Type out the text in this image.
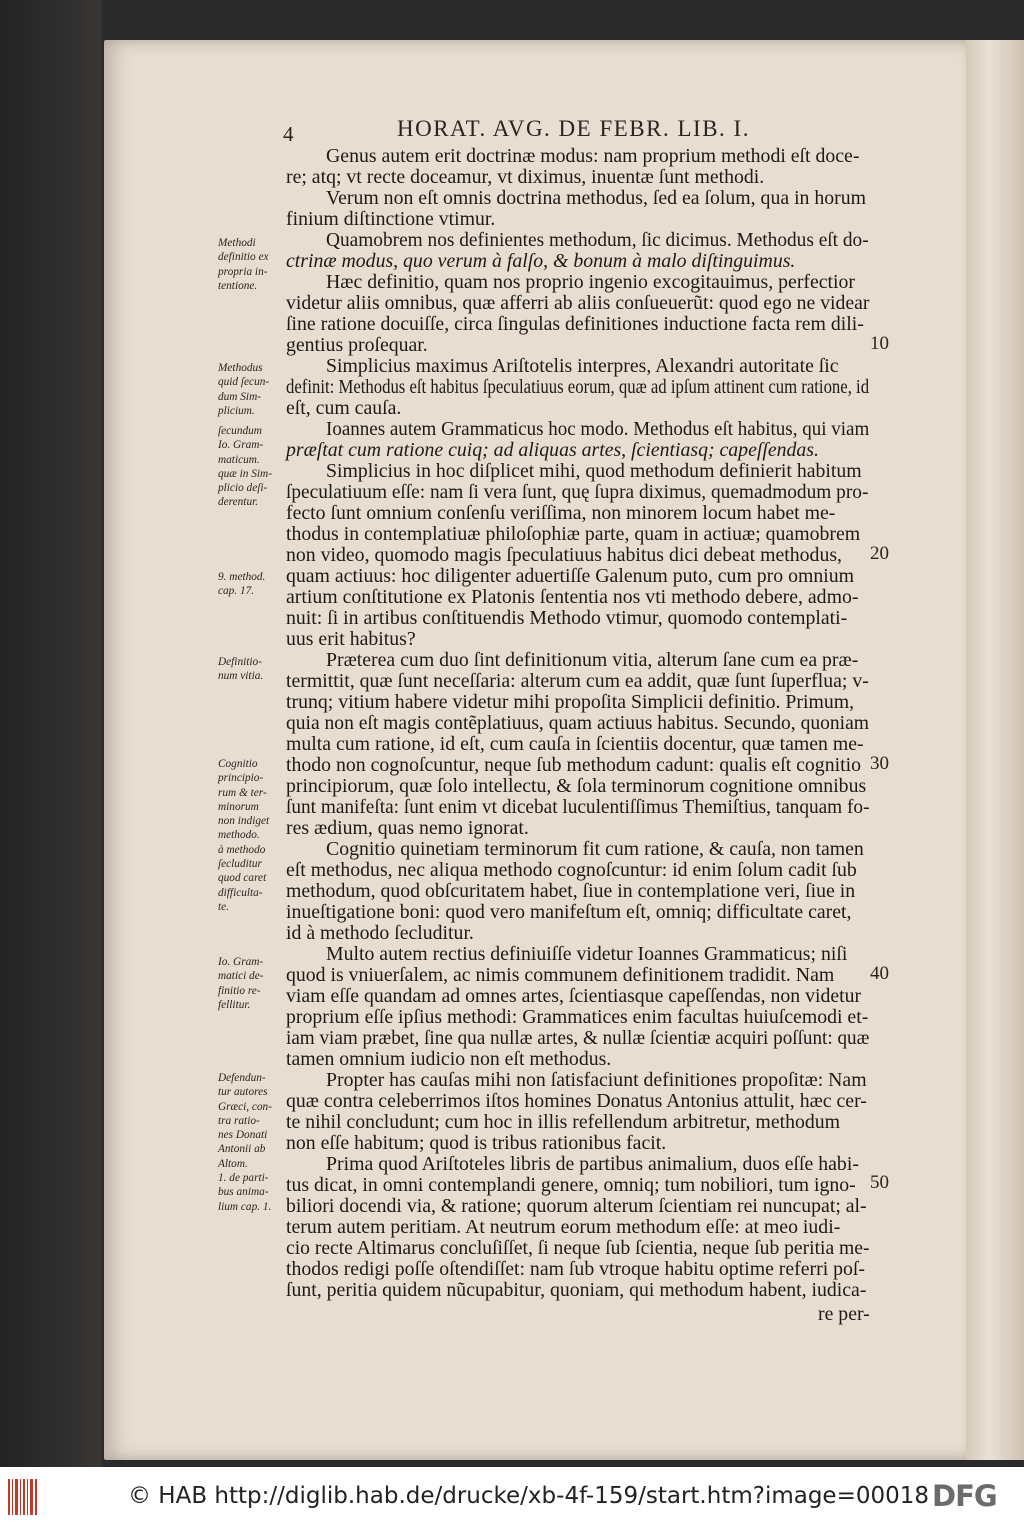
4	HORAT. AVG. DE FEBR. LIB. I.
Genus autem erit doctrinæ modus: nam proprium methodi eſt doce-
re; atq; vt recte doceamur, vt diximus, inuentæ ſunt methodi.
Verum non eſt omnis doctrina methodus, ſed ea ſolum, qua in horum
finium diſtinctione vtimur.
Quamobrem nos definientes methodum, ſic dicimus. Methodus eſt do-
ctrinæ modus, quo verum à falſo, & bonum à malo diſtinguimus.
Hæc definitio, quam nos proprio ingenio excogitauimus, perfectior
videtur aliis omnibus, quæ afferri ab aliis conſueuerũt: quod ego ne videar
ſine ratione docuiſſe, circa ſingulas definitiones inductione facta rem dili-
gentius proſequar.
Simplicius maximus Ariſtotelis interpres, Alexandri autoritate ſic
definit: Methodus eſt habitus ſpeculatiuus eorum, quæ ad ipſum attinent cum ratione, id
eſt, cum cauſa.
Ioannes autem Grammaticus hoc modo. Methodus eſt habitus, qui viam
præſtat cum ratione cuiq; ad aliquas artes, ſcientiasq; capeſſendas.
Simplicius in hoc diſplicet mihi, quod methodum definierit habitum
ſpeculatiuum eſſe: nam ſi vera ſunt, quę ſupra diximus, quemadmodum pro-
fecto ſunt omnium conſenſu veriſſima, non minorem locum habet me-
thodus in contemplatiuæ philoſophiæ parte, quam in actiuæ; quamobrem
non video, quomodo magis ſpeculatiuus habitus dici debeat methodus,
quam actiuus: hoc diligenter aduertiſſe Galenum puto, cum pro omnium
artium conſtitutione ex Platonis ſententia nos vti methodo debere, admo-
nuit: ſi in artibus conſtituendis Methodo vtimur, quomodo contemplati-
uus erit habitus?
Præterea cum duo ſint definitionum vitia, alterum ſane cum ea præ-
termittit, quæ ſunt neceſſaria: alterum cum ea addit, quæ ſunt ſuperflua; v-
trunq; vitium habere videtur mihi propoſita Simplicii definitio. Primum,
quia non eſt magis contẽplatiuus, quam actiuus habitus. Secundo, quoniam
multa cum ratione, id eſt, cum cauſa in ſcientiis docentur, quæ tamen me-
thodo non cognoſcuntur, neque ſub methodum cadunt: qualis eſt cognitio
principiorum, quæ ſolo intellectu, & ſola terminorum cognitione omnibus
ſunt manifeſta: ſunt enim vt dicebat luculentiſſimus Themiſtius, tanquam fo-
res ædium, quas nemo ignorat.
Cognitio quinetiam terminorum fit cum ratione, & cauſa, non tamen
eſt methodus, nec aliqua methodo cognoſcuntur: id enim ſolum cadit ſub
methodum, quod obſcuritatem habet, ſiue in contemplatione veri, ſiue in
inueſtigatione boni: quod vero manifeſtum eſt, omniq; difficultate caret,
id à methodo ſecluditur.
Multo autem rectius definiuiſſe videtur Ioannes Grammaticus; niſi
quod is vniuerſalem, ac nimis communem definitionem tradidit. Nam
viam eſſe quandam ad omnes artes, ſcientiasque capeſſendas, non videtur
proprium eſſe ipſius methodi: Grammatices enim facultas huiuſcemodi et-
iam viam præbet, ſine qua nullæ artes, & nullæ ſcientiæ acquiri poſſunt: quæ
tamen omnium iudicio non eſt methodus.
Propter has cauſas mihi non ſatisfaciunt definitiones propoſitæ: Nam
quæ contra celeberrimos iſtos homines Donatus Antonius attulit, hæc cer-
te nihil concludunt; cum hoc in illis refellendum arbitretur, methodum
non eſſe habitum; quod is tribus rationibus facit.
Prima quod Ariſtoteles libris de partibus animalium, duos eſſe habi-
tus dicat, in omni contemplandi genere, omniq; tum nobiliori, tum igno-
biliori docendi via, & ratione; quorum alterum ſcientiam rei nuncupat; al-
terum autem peritiam. At neutrum eorum methodum eſſe: at meo iudi-
cio recte Altimarus concluſiſſet, ſi neque ſub ſcientia, neque ſub peritia me-
thodos redigi poſſe oſtendiſſet: nam ſub vtroque habitu optime referri poſ-
ſunt, peritia quidem nũcupabitur, quoniam, qui methodum habent, iudica-
10
20
30
40
50
Methodi
definitio ex
propria in-
tentione.
Methodus
quid ſecun-
dum Sim-
plicium.
ſecundum
Io. Gram-
maticum.
quæ in Sim-
plicio deſi-
derentur.
9. method.
cap. 17.
Definitio-
num vitia.
Cognitio
principio-
rum & ter-
minorum
non indiget
methodo.
à methodo
ſecluditur
quod caret
difficulta-
te.
Io. Gram-
matici de-
finitio re-
fellitur.
Defendun-
tur autores
Græci, con-
tra ratio-
nes Donati
Antonii ab
Altom.
1. de parti-
bus anima-
lium cap. 1.
re per-
© HAB http://diglib.hab.de/drucke/xb-4f-159/start.htm?image=00018 DFG
